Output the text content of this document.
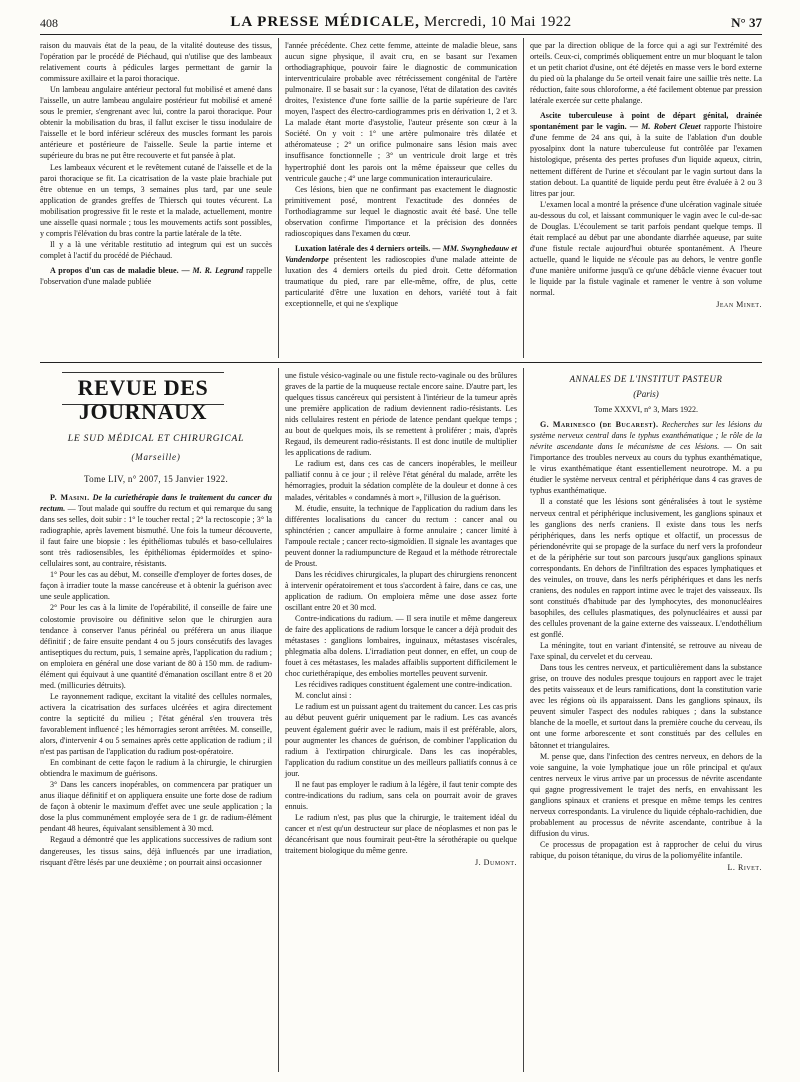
408	LA PRESSE MÉDICALE, Mercredi, 10 Mai 1922	N° 37

raison du mauvais état de la peau, de la vitalité douteuse des tissus, l'opération par le procédé de Piéchaud, qui n'utilise que des lambeaux relativement courts à pédicules larges permettant de garnir la commissure axillaire et la paroi thoracique.

Un lambeau angulaire antérieur pectoral fut mobilisé et amené dans l'aisselle, un autre lambeau angulaire postérieur fut mobilisé et amené sous le premier, s'engrenant avec lui, contre la paroi thoracique. Pour obtenir la mobilisation du bras, il fallut exciser le tissu inodulaire de l'aisselle et le bord inférieur scléreux des muscles formant les parois antérieure et postérieure de l'aisselle. Seule la partie interne et supérieure du bras ne put être recouverte et fut pansée à plat.

Les lambeaux vécurent et le revêtement cutané de l'aisselle et de la paroi thoracique se fit. La cicatrisation de la vaste plaie brachiale put être obtenue en un temps, 3 semaines plus tard, par une seule application de grandes greffes de Thiersch qui toutes vécurent. La mobilisation progressive fit le reste et la malade, actuellement, montre une aisselle quasi normale ; tous les mouvements actifs sont possibles, y compris l'élévation du bras contre la partie latérale de la tête.

Il y a là une véritable restitutio ad integrum qui est un succès complet à l'actif du procédé de Piéchaud.

A propos d'un cas de maladie bleue. — M. R. Legrand rappelle l'observation d'une malade publiée

l'année précédente. Chez cette femme, atteinte de maladie bleue, sans aucun signe physique, il avait cru, en se basant sur l'examen orthodiagraphique, pouvoir faire le diagnostic de communication interventriculaire probable avec rétrécissement congénital de l'artère pulmonaire. Il se basait sur : la cyanose, l'état de dilatation des cavités droites, l'existence d'une forte saillie de la partie supérieure de l'arc moyen, l'aspect des électro-cardiogrammes pris en dérivation 1, 2 et 3. La malade étant morte d'asystolie, l'auteur présente son cœur à la Société. On y voit : 1° une artère pulmonaire très dilatée et athéromateuse ; 2° un orifice pulmonaire sans lésion mais avec insuffisance fonctionnelle ; 3° un ventricule droit large et très hypertrophié dont les parois ont la même épaisseur que celles du ventricule gauche ; 4° une large communication interauriculaire.

Ces lésions, bien que ne confirmant pas exactement le diagnostic primitivement posé, montrent l'exactitude des données de l'orthodiagramme sur lequel le diagnostic avait été basé. Une telle observation confirme l'importance et la précision des données radioscopiques dans l'examen du cœur.

Luxation latérale des 4 derniers orteils. — MM. Swynghedauw et Vandendorpe présentent les radioscopies d'une malade atteinte de luxation des 4 derniers orteils du pied droit. Cette déformation traumatique du pied, rare par elle-même, offre, de plus, cette particularité d'être une luxation en dehors, variété tout à fait exceptionnelle, et qui ne s'explique

que par la direction oblique de la force qui a agi sur l'extrémité des orteils. Ceux-ci, comprimés obliquement entre un mur bloquant le talon et un petit chariot d'usine, ont été déjetés en masse vers le bord externe du pied où la phalange du 5e orteil venait faire une saillie très nette. La réduction, faite sous chloroforme, a été facilement obtenue par pression latérale exercée sur cette phalange.

Ascite tuberculeuse à point de départ génital, drainée spontanément par le vagin. — M. Robert Cleuet rapporte l'histoire d'une femme de 24 ans qui, à la suite de l'ablation d'un double pyosalpinx dont la nature tuberculeuse fut contrôlée par l'examen histologique, présenta des pertes profuses d'un liquide aqueux, citrin, nettement différent de l'urine et s'écoulant par le vagin surtout dans la station debout. La quantité de liquide perdu peut être évaluée à 2 ou 3 litres par jour.

L'examen local a montré la présence d'une ulcération vaginale située au-dessous du col, et laissant communiquer le vagin avec le cul-de-sac de Douglas. L'écoulement se tarit parfois pendant quelque temps. Il était remplacé au début par une abondante diarrhée aqueuse, par suite d'une fistule rectale aujourd'hui obturée spontanément. A l'heure actuelle, quand le liquide ne s'écoule pas au dehors, le ventre gonfle d'une manière uniforme jusqu'à ce qu'une débâcle vienne évacuer tout le liquide par la fistule vaginale et ramener le ventre à son volume normal.

Jean Minet.
REVUE DES JOURNAUX
LE SUD MÉDICAL ET CHIRURGICAL
(Marseille)
Tome LIV, n° 2007, 15 Janvier 1922.

P. Masini. De la curiethérapie dans le traitement du cancer du rectum. — Tout malade qui souffre du rectum et qui remarque du sang dans ses selles, doit subir : 1° le toucher rectal ; 2° la rectoscopie ; 3° la radiographie, après lavement bismuthé. Une fois la tumeur découverte, il faut faire une biopsie : les épithéliomas tubulés et baso-cellulaires sont très radiosensibles, les épithéliomas épidermoïdes et spino-cellulaires sont, au contraire, résistants.

1° Pour les cas au début, M. conseille d'employer de fortes doses, de façon à irradier toute la masse cancéreuse et à obtenir la guérison avec une seule application.

2° Pour les cas à la limite de l'opérabilité, il conseille de faire une colostomie provisoire ou définitive selon que le chirurgien aura tendance à conserver l'anus périnéal ou préférera un anus iliaque définitif ; de faire ensuite pendant 4 ou 5 jours consécutifs des lavages antiseptiques du rectum, puis, 1 semaine après, l'application du radium ; on emploiera en général une dose variant de 80 à 150 mm. de radium-élément qui équivaut à une quantité d'émanation oscillant entre 8 et 20 med. (millicuries détruits).

Le rayonnement radique, excitant la vitalité des cellules normales, activera la cicatrisation des surfaces ulcérées et agira directement contre la septicité du milieu ; l'état général s'en trouvera très favorablement influencé ; les hémorragies seront arrêtées. M. conseille, alors, d'intervenir 4 ou 5 semaines après cette application de radium ; il n'est pas partisan de l'application du radium post-opératoire.

En combinant de cette façon le radium à la chirurgie, le chirurgien obtiendra le maximum de guérisons.

3° Dans les cancers inopérables, on commencera par pratiquer un anus iliaque définitif et on appliquera ensuite une forte dose de radium de façon à obtenir le maximum d'effet avec une seule application ; la dose la plus communément employée sera de 1 gr. de radium-élément pendant 48 heures, équivalant sensiblement à 30 mcd.

Regaud a démontré que les applications successives de radium sont dangereuses, les tissus sains, déjà influencés par une irradiation, risquant d'être lésés par une deuxième ; on pourrait ainsi occasionner

une fistule vésico-vaginale ou une fistule recto-vaginale ou des brûlures graves de la partie de la muqueuse rectale encore saine. D'autre part, les quelques tissus cancéreux qui persistent à l'intérieur de la tumeur après une première application de radium deviennent radio-résistants. Les nids cellulaires restent en période de latence pendant quelque temps ; au bout de quelques mois, ils se remettent à proliférer ; mais, d'après Regaud, ils demeurent radio-résistants. Il est donc inutile de multiplier les applications de radium.

Le radium est, dans ces cas de cancers inopérables, le meilleur palliatif connu à ce jour ; il relève l'état général du malade, arrête les hémorragies, produit la sédation complète de la douleur et donne à ces malades, véritables « condamnés à mort », l'illusion de la guérison.

M. étudie, ensuite, la technique de l'application du radium dans les différentes localisations du cancer du rectum : cancer anal ou sphinctérien ; cancer ampullaire à forme annulaire ; cancer limité à l'ampoule rectale ; cancer recto-sigmoïdien. Il signale les avantages que peuvent donner la radiumpuncture de Regaud et la méthode rétrorectale de Proust.

Dans les récidives chirurgicales, la plupart des chirurgiens renoncent à intervenir opératoirement et tous s'accordent à faire, dans ce cas, une application de radium. On emploiera même une dose assez forte oscillant entre 20 et 30 mcd.

Contre-indications du radium. — Il sera inutile et même dangereux de faire des applications de radium lorsque le cancer a déjà produit des métastases : ganglions lombaires, inguinaux, métastases viscérales, phlegmatia alba dolens. L'irradiation peut donner, en effet, un coup de fouet à ces métastases, les malades affaiblis supportent difficilement le choc curiethérapique, des embolies mortelles peuvent survenir.

Les récidives radiques constituent également une contre-indication.

M. conclut ainsi :

Le radium est un puissant agent du traitement du cancer. Les cas pris au début peuvent guérir uniquement par le radium. Les cas avancés peuvent également guérir avec le radium, mais il est préférable, alors, pour augmenter les chances de guérison, de combiner l'application du radium à l'extirpation chirurgicale. Dans les cas inopérables, l'application du radium constitue un des meilleurs palliatifs connus à ce jour.

Il ne faut pas employer le radium à la légère, il faut tenir compte des contre-indications du radium, sans cela on pourrait avoir de graves ennuis.

Le radium n'est, pas plus que la chirurgie, le traitement idéal du cancer et n'est qu'un destructeur sur place de néoplasmes et non pas le décancérisant que nous fournirait peut-être la sérothérapie ou quelque traitement biologique du même genre.

J. Dumont.

ANNALES DE L'INSTITUT PASTEUR

(Paris)

Tome XXXVI, n° 3, Mars 1922.

G. Marinesco (de Bucarest). Recherches sur les lésions du système nerveux central dans le typhus exanthématique ; le rôle de la névrite ascendante dans le mécanisme de ces lésions. — On sait l'importance des troubles nerveux au cours du typhus exanthématique, le virus exanthématique étant essentiellement neurotrope. M. a pu étudier le système nerveux central et périphérique dans 4 cas graves de typhus exanthématique.

Il a constaté que les lésions sont généralisées à tout le système nerveux central et périphérique inclusivement, les ganglions spinaux et les ganglions des nerfs craniens. Il existe dans tous les nerfs périphériques, dans les nerfs optique et olfactif, un processus de périendonévrite qui se propage de la surface du nerf vers la profondeur et de la périphérie sur tout son parcours jusqu'aux ganglions spinaux correspondants. En dehors de l'infiltration des espaces lymphatiques et des veinules, on trouve, dans les nerfs périphériques et dans les nerfs craniens, des nodules en rapport intime avec le trajet des vaisseaux. Ils sont constitués d'habitude par des lymphocytes, des mononucléaires basophiles, des cellules plasmatiques, des polynucléaires et aussi par des cellules provenant de la gaine externe des vaisseaux. L'endothélium est gonflé.

La méningite, tout en variant d'intensité, se retrouve au niveau de l'axe spinal, du cervelet et du cerveau.

Dans tous les centres nerveux, et particulièrement dans la substance grise, on trouve des nodules presque toujours en rapport avec le trajet des petits vaisseaux et de leurs ramifications, dont la constitution varie avec les régions où ils apparaissent. Dans les ganglions spinaux, ils peuvent simuler l'aspect des nodules rabiques ; dans la substance blanche de la moelle, et surtout dans la première couche du cerveau, ils ont une forme arborescente et sont constitués par des cellules en bâtonnet et triangulaires.

M. pense que, dans l'infection des centres nerveux, en dehors de la voie sanguine, la voie lymphatique joue un rôle principal et qu'aux centres nerveux le virus arrive par un processus de névrite ascendante qui gagne progressivement le trajet des nerfs, en envahissant les ganglions spinaux et craniens et presque en même temps les centres nerveux correspondants. La virulence du liquide céphalo-rachidien, due probablement au processus de névrite ascendante, contribue à la diffusion du virus.

Ce processus de propagation est à rapprocher de celui du virus rabique, du poison tétanique, du virus de la poliomyélite infantile.

L. Rivet.
